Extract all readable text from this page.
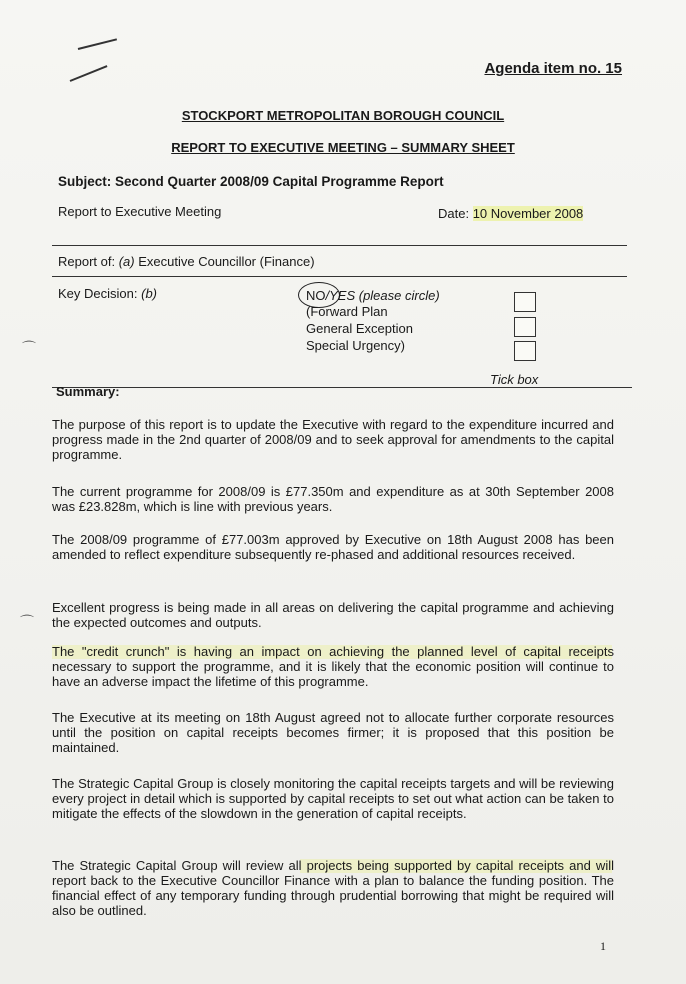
Agenda item no. 15
STOCKPORT METROPOLITAN BOROUGH COUNCIL
REPORT TO EXECUTIVE MEETING – SUMMARY SHEET
Subject: Second Quarter 2008/09 Capital Programme Report
Report to Executive Meeting	Date: 10 November 2008
Report of: (a) Executive Councillor (Finance)
Key Decision: (b)	NO/YES (please circle)
(Forward Plan
General Exception
Special Urgency)
Tick box
⌒
⌒
Summary:
The purpose of this report is to update the Executive with regard to the expenditure incurred and progress made in the 2nd quarter of 2008/09 and to seek approval for amendments to the capital programme.
The current programme for 2008/09 is £77.350m and expenditure as at 30th September 2008 was £23.828m, which is line with previous years.
The 2008/09 programme of £77.003m approved by Executive on 18th August 2008 has been amended to reflect expenditure subsequently re-phased and additional resources received.
Excellent progress is being made in all areas on delivering the capital programme and achieving the expected outcomes and outputs.
The "credit crunch" is having an impact on achieving the planned level of capital receipts necessary to support the programme, and it is likely that the economic position will continue to have an adverse impact the lifetime of this programme.
The Executive at its meeting on 18th August agreed not to allocate further corporate resources until the position on capital receipts becomes firmer; it is proposed that this position be maintained.
The Strategic Capital Group is closely monitoring the capital receipts targets and will be reviewing every project in detail which is supported by capital receipts to set out what action can be taken to mitigate the effects of the slowdown in the generation of capital receipts.
The Strategic Capital Group will review all projects being supported by capital receipts and will report back to the Executive Councillor Finance with a plan to balance the funding position. The financial effect of any temporary funding through prudential borrowing that might be required will also be outlined.
1
